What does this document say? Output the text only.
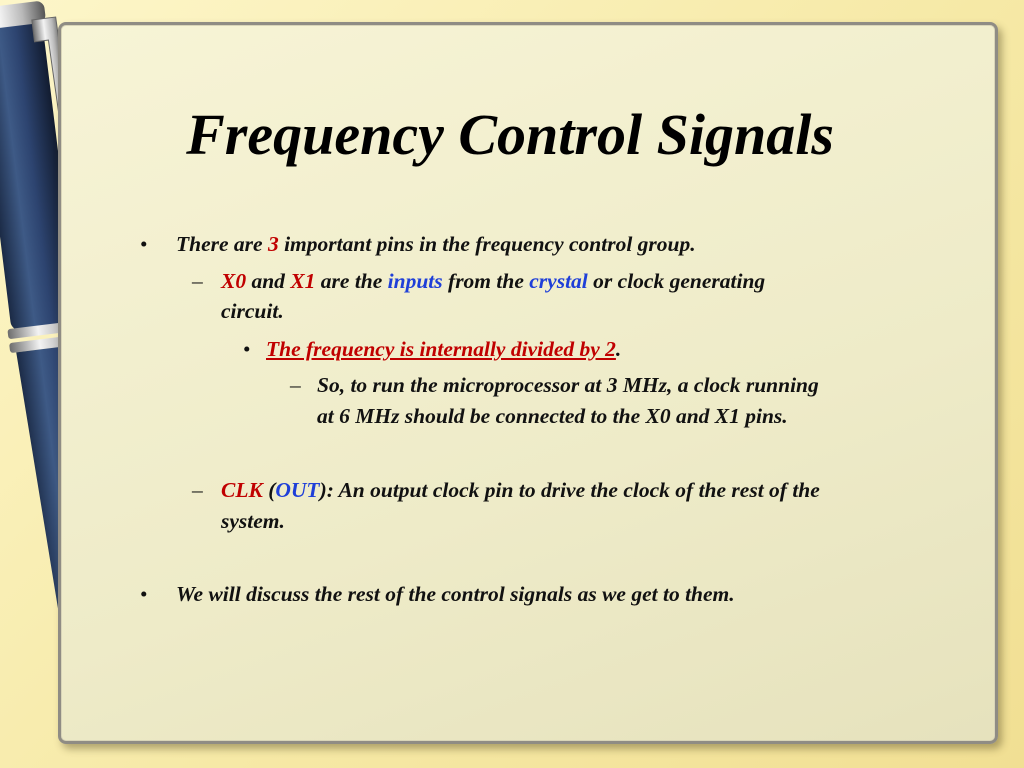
Frequency Control Signals
• There are 3 important pins in the frequency control group.
– X0 and X1 are the inputs from the crystal or clock generating
circuit.
• The frequency is internally divided by 2.
– So, to run the microprocessor at 3 MHz, a clock running
at 6 MHz should be connected to the X0 and X1 pins.
– CLK (OUT): An output clock pin to drive the clock of the rest of the
system.
• We will discuss the rest of the control signals as we get to them.
